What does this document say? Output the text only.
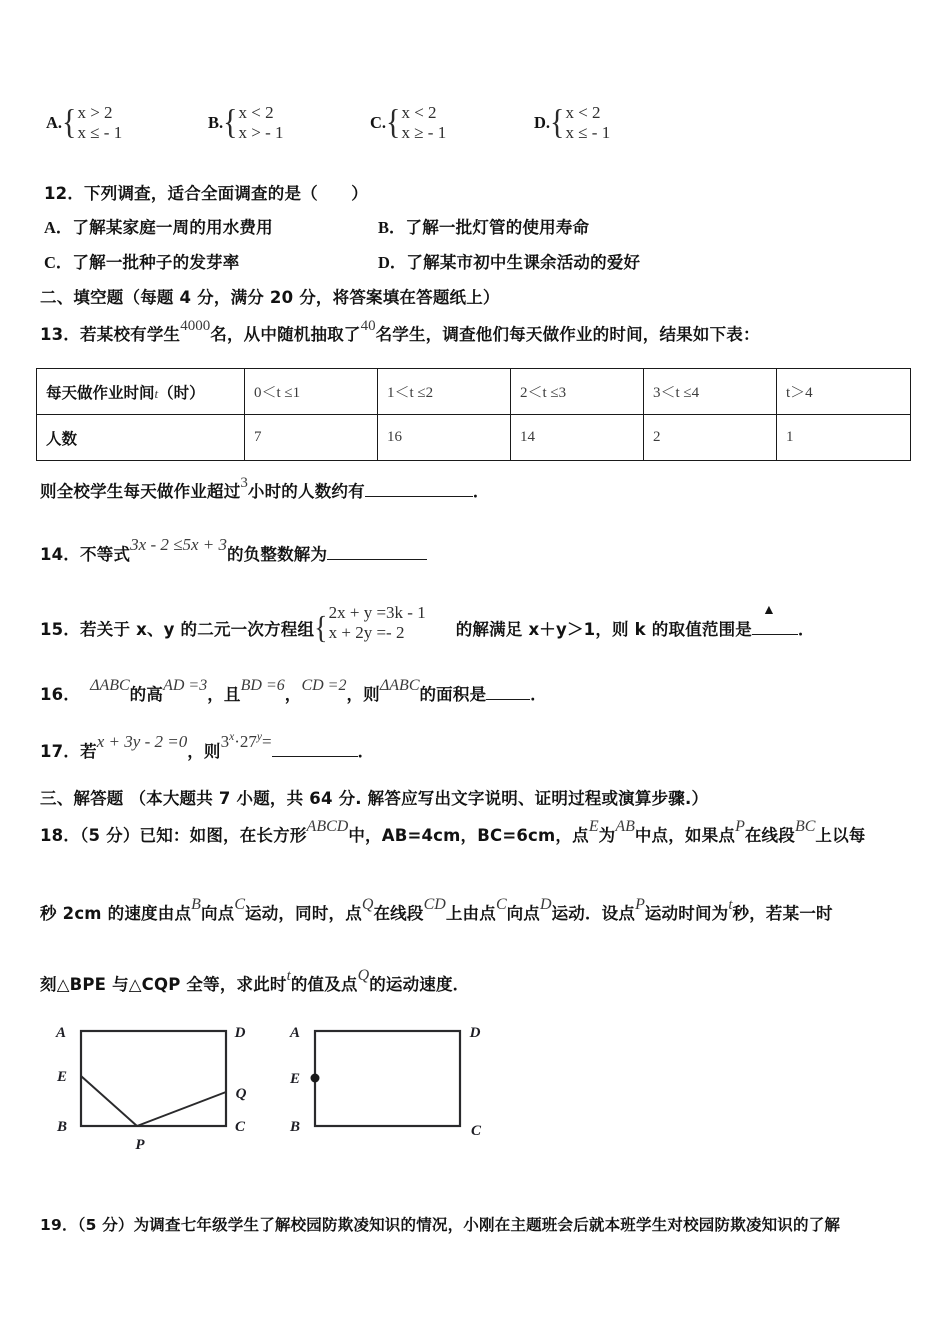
A. { x > 2
x ≤ - 1
B. { x < 2
x > - 1
C. { x < 2
x ≥ - 1
D. { x < 2
x ≤ - 1
12．下列调查，适合全面调查的是（　　）
A．了解某家庭一周的用水费用	B．了解一批灯管的使用寿命
C．了解一批种子的发芽率	D．了解某市初中生课余活动的爱好
二、填空题（每题 4 分，满分 20 分，将答案填在答题纸上）
13．若某校有学生4000名，从中随机抽取了40名学生，调查他们每天做作业的时间，结果如下表：
每天做作业时间t（时）	0＜t ≤1	1＜t ≤2	2＜t ≤3	3＜t ≤4	t＞4
人数	7	16	14	2	1
则全校学生每天做作业超过3小时的人数约有	．
14．不等式3x - 2 ≤5x + 3的负整数解为
15．若关于 x、y 的二元一次方程组{ 2x + y =3k - 1
x + 2y =- 2	的解满足 x＋y＞1，则 k 的取值范围是
▲
．
16． ΔABC的高AD =3，且BD =6，CD =2，则ΔABC的面积是	．
17．若x + 3y - 2 =0，则$3^x\cdot 27^y=$．
三、解答题 （本大题共 7 小题，共 64 分. 解答应写出文字说明、证明过程或演算步骤.）
18．（5 分）已知：如图，在长方形ABCD中，AB=4cm，BC=6cm，点E为AB中点，如果点P在线段BC上以每
秒 2cm 的速度由点B向点C运动，同时，点Q在线段CD上由点C向点D运动．设点P运动时间为t秒，若某一时
刻△BPE 与△CQP 全等，求此时t的值及点Q的运动速度．
A	D
E
Q
B	C
P
A	D
E
B	C
19．（5 分）为调查七年级学生了解校园防欺凌知识的情况，小刚在主题班会后就本班学生对校园防欺凌知识的了解
